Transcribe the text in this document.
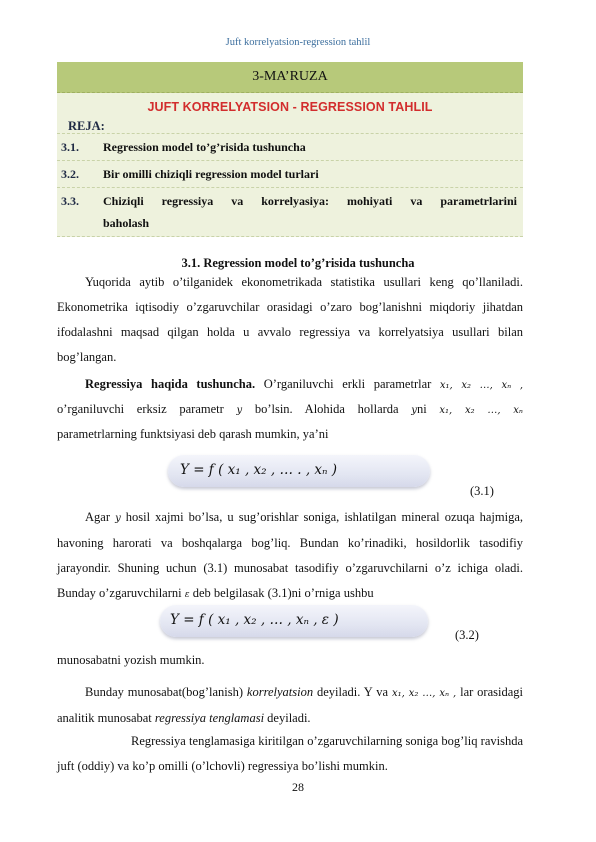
Juft korrelyatsion-regression tahlil
3-MA’RUZA
JUFT KORRELYATSION - REGRESSION TAHLIL
REJA:
3.1.	Regression model to’g’risida tushuncha
3.2.	Bir omilli chiziqli regression model turlari
3.3.	Chiziqli regressiya va korrelyasiya: mohiyati va parametrlarini
baholash
3.1. Regression model to’g’risida tushuncha
Yuqorida aytib o’tilganidek ekonometrikada statistika usullari keng qo’llaniladi. Ekonometrika iqtisodiy o’zgaruvchilar orasidagi o’zaro bog’lanishni miqdoriy jihatdan ifodalashni maqsad qilgan holda u avvalo regressiya va korrelyatsiya usullari bilan bog’langan.
Regressiya haqida tushuncha. O’rganiluvchi erkli parametrlar x₁, x₂ …, xₙ ,
o’rganiluvchi erksiz parametr y bo’lsin. Alohida hollarda yni x₁, x₂ …, xₙ
parametrlarning funktsiyasi deb qarash mumkin, ya’ni
Y = f ( x₁ , x₂ , … . , xₙ )
(3.1)
Agar y hosil xajmi bo’lsa, u sug’orishlar soniga, ishlatilgan mineral ozuqa hajmiga, havoning harorati va boshqalarga bog’liq. Bundan ko’rinadiki, hosildorlik tasodifiy jarayondir. Shuning uchun (3.1) munosabat tasodifiy o’zgaruvchilarni o’z ichiga oladi. Bunday o’zgaruvchilarni ε deb belgilasak (3.1)ni o’rniga ushbu
Y = f ( x₁ , x₂ , … , xₙ , ε )
(3.2)
munosabatni yozish mumkin.
Bunday munosabat(bog’lanish) korrelyatsion deyiladi. Y va x₁, x₂ …, xₙ , lar orasidagi analitik munosabat regressiya tenglamasi deyiladi.
Regressiya tenglamasiga kiritilgan o’zgaruvchilarning soniga bog’liq ravishda juft (oddiy) va ko’p omilli (o’lchovli) regressiya bo’lishi mumkin.
28
